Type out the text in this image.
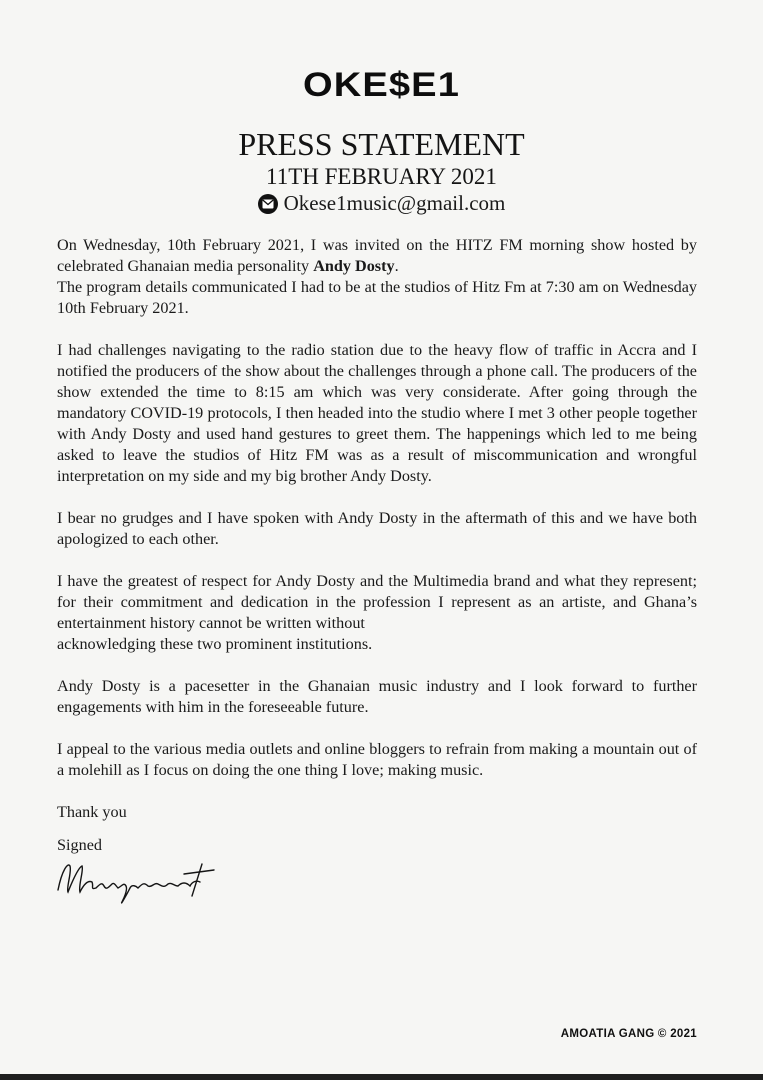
OKE$E1
PRESS STATEMENT
11TH FEBRUARY 2021
Okese1music@gmail.com

On Wednesday, 10th February 2021, I was invited on the HITZ FM morning show hosted by celebrated Ghanaian media personality Andy Dosty.

The program details communicated I had to be at the studios of Hitz Fm at 7:30 am on Wednesday 10th February 2021.

I had challenges navigating to the radio station due to the heavy flow of traffic in Accra and I notified the producers of the show about the challenges through a phone call. The producers of the show extended the time to 8:15 am which was very considerate. After going through the mandatory COVID-19 protocols, I then headed into the studio where I met 3 other people together with Andy Dosty and used hand gestures to greet them. The happenings which led to me being asked to leave the studios of Hitz FM was as a result of miscommunication and wrongful interpretation on my side and my big brother Andy Dosty.

I bear no grudges and I have spoken with Andy Dosty in the aftermath of this and we have both apologized to each other.

I have the greatest of respect for Andy Dosty and the Multimedia brand and what they represent; for their commitment and dedication in the profession I represent as an artiste, and Ghana’s entertainment history cannot be written without

acknowledging these two prominent institutions.

Andy Dosty is a pacesetter in the Ghanaian music industry and I look forward to further engagements with him in the foreseeable future.

I appeal to the various media outlets and online bloggers to refrain from making a mountain out of a molehill as I focus on doing the one thing I love; making music.

Thank you

Signed
AMOATIA GANG © 2021
